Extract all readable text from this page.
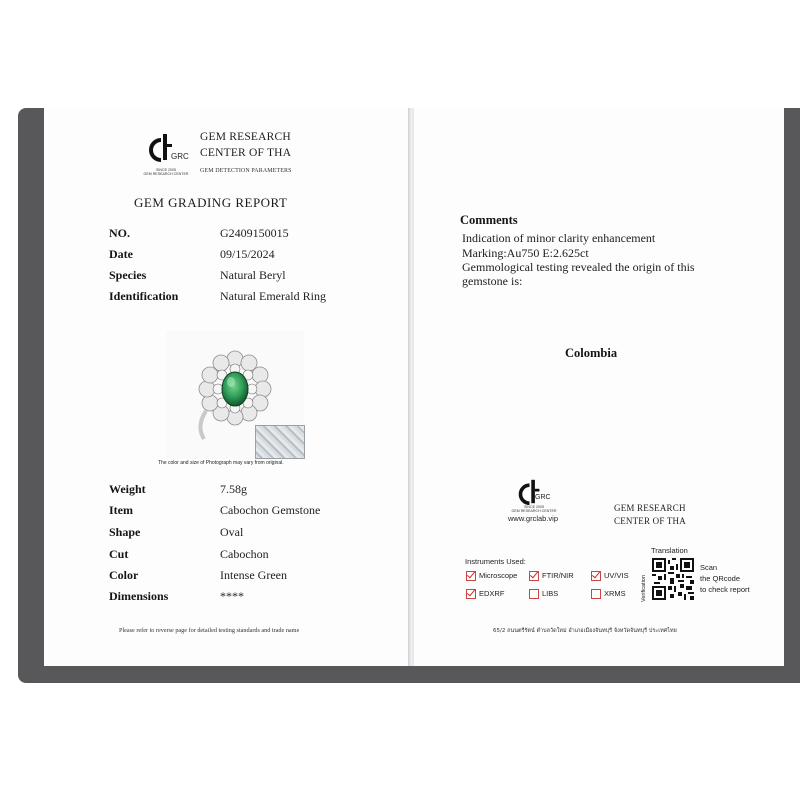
GRC
SINCE 2005
GEM RESEARCH CENTER
GEM RESEARCH
CENTER OF THA
GEM DETECTION PARAMETERS
GEM GRADING REPORT
NO.	G2409150015
Date	09/15/2024
Species	Natural Beryl
Identification	Natural Emerald Ring
The color and size of Photograph may vary from original.
Weight	7.58g
Item	Cabochon Gemstone
Shape	Oval
Cut	Cabochon
Color	Intense Green
Dimensions	****
Please refer to reverse page for detailed testing standards and trade name
Comments
Indication of minor clarity enhancement
Marking:Au750 E:2.625ct
Gemmological testing revealed the origin of this
gemstone is:
Colombia
GRC
SINCE 2005
GEM RESEARCH CENTER
www.grclab.vip
GEM RESEARCH
CENTER OF THA
Instruments Used:
Microscope	FTIR/NIR	UV/VIS
EDXRF	LIBS	XRMS
Translation
Verification
Scan
the QRcode
to check report
65/2 ถนนตรีรัตน์ ตำบลวัดใหม่ อำเภอเมืองจันทบุรี จังหวัดจันทบุรี ประเทศไทย
